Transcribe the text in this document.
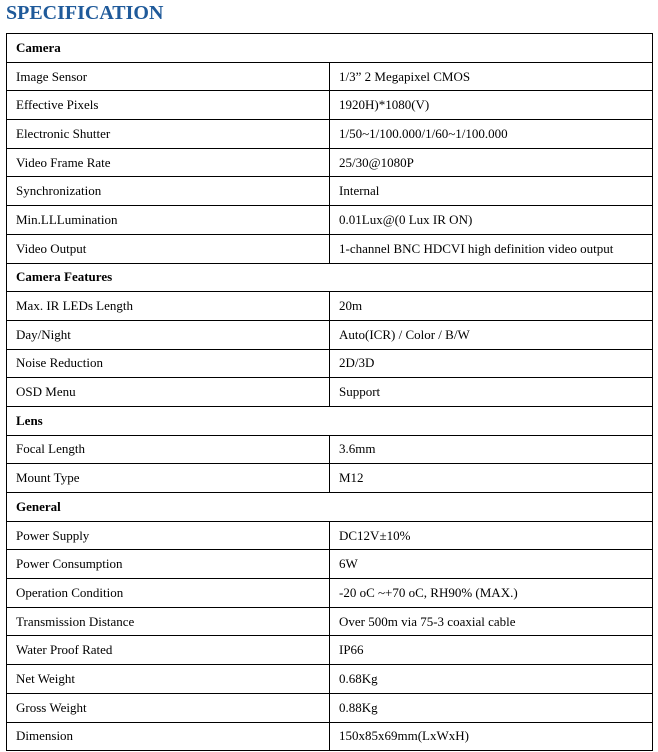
SPECIFICATION
Camera	
Image Sensor	1/3” 2 Megapixel CMOS
Effective Pixels	1920H)*1080(V)
Electronic Shutter	1/50~1/100.000/1/60~1/100.000
Video Frame Rate	25/30@1080P
Synchronization	Internal
Min.LLLumination	0.01Lux@(0 Lux IR ON)
Video Output	1-channel BNC HDCVI high definition video output
Camera Features	
Max. IR LEDs Length	20m
Day/Night	Auto(ICR) / Color / B/W
Noise Reduction	2D/3D
OSD Menu	Support
Lens	
Focal Length	3.6mm
Mount Type	M12
General	
Power Supply	DC12V±10%
Power Consumption	6W
Operation Condition	-20 oC ~+70 oC, RH90% (MAX.)
Transmission Distance	Over 500m via 75-3 coaxial cable
Water Proof Rated	IP66
Net Weight	0.68Kg
Gross Weight	0.88Kg
Dimension	150x85x69mm(LxWxH)
